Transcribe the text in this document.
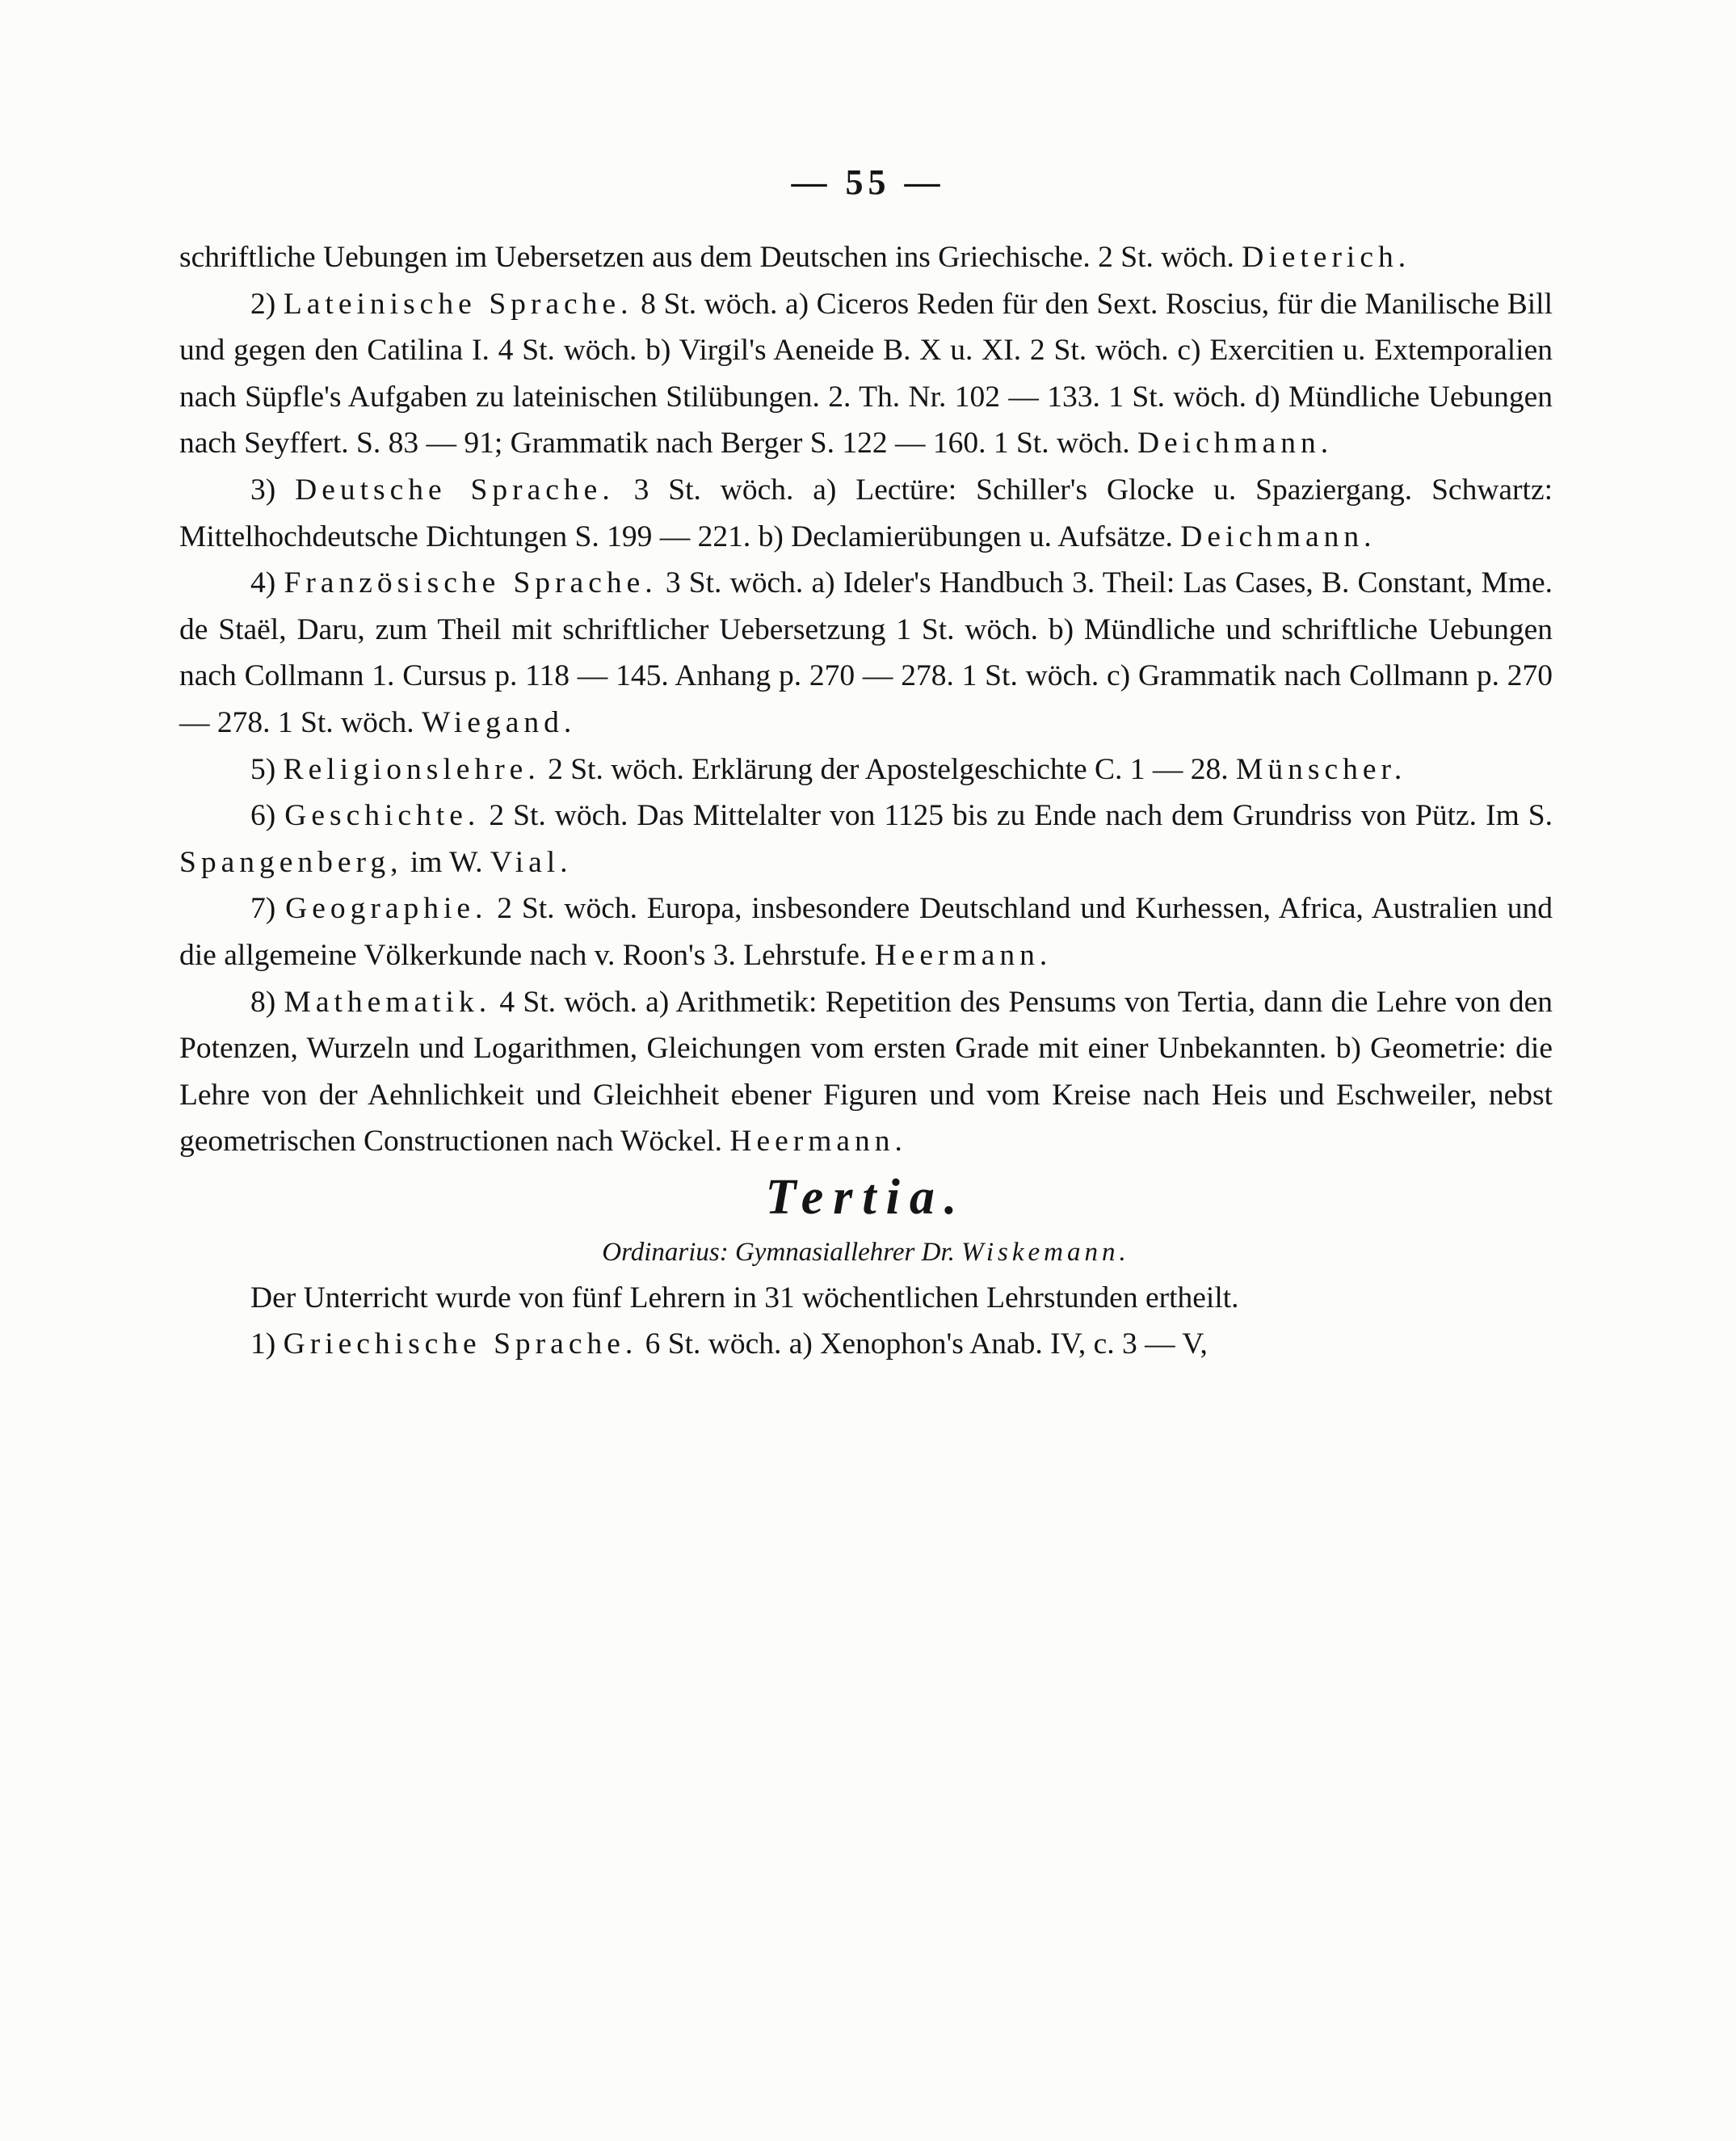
— 55 —

schriftliche Uebungen im Uebersetzen aus dem Deutschen ins Griechische. 2 St. wöch. Dieterich.

2) Lateinische Sprache. 8 St. wöch. a) Ciceros Reden für den Sext. Roscius, für die Manilische Bill und gegen den Catilina I. 4 St. wöch. b) Virgil's Aeneide B. X u. XI. 2 St. wöch. c) Exercitien u. Extemporalien nach Süpfle's Aufgaben zu lateinischen Stilübungen. 2. Th. Nr. 102 — 133. 1 St. wöch. d) Mündliche Uebungen nach Seyffert. S. 83 — 91; Grammatik nach Berger S. 122 — 160. 1 St. wöch. Deichmann.

3) Deutsche Sprache. 3 St. wöch. a) Lectüre: Schiller's Glocke u. Spaziergang. Schwartz: Mittelhochdeutsche Dichtungen S. 199 — 221. b) Declamierübungen u. Aufsätze. Deichmann.

4) Französische Sprache. 3 St. wöch. a) Ideler's Handbuch 3. Theil: Las Cases, B. Constant, Mme. de Staël, Daru, zum Theil mit schriftlicher Uebersetzung 1 St. wöch. b) Mündliche und schriftliche Uebungen nach Collmann 1. Cursus p. 118 — 145. Anhang p. 270 — 278. 1 St. wöch. c) Grammatik nach Collmann p. 270 — 278. 1 St. wöch. Wiegand.

5) Religionslehre. 2 St. wöch. Erklärung der Apostelgeschichte C. 1 — 28. Münscher.

6) Geschichte. 2 St. wöch. Das Mittelalter von 1125 bis zu Ende nach dem Grundriss von Pütz. Im S. Spangenberg, im W. Vial.

7) Geographie. 2 St. wöch. Europa, insbesondere Deutschland und Kurhessen, Africa, Australien und die allgemeine Völkerkunde nach v. Roon's 3. Lehrstufe. Heermann.

8) Mathematik. 4 St. wöch. a) Arithmetik: Repetition des Pensums von Tertia, dann die Lehre von den Potenzen, Wurzeln und Logarithmen, Gleichungen vom ersten Grade mit einer Unbekannten. b) Geometrie: die Lehre von der Aehnlichkeit und Gleichheit ebener Figuren und vom Kreise nach Heis und Eschweiler, nebst geometrischen Constructionen nach Wöckel. Heermann.

Tertia.

Ordinarius: Gymnasiallehrer Dr. Wiskemann.

Der Unterricht wurde von fünf Lehrern in 31 wöchentlichen Lehrstunden ertheilt.

1) Griechische Sprache. 6 St. wöch. a) Xenophon's Anab. IV, c. 3 — V,
